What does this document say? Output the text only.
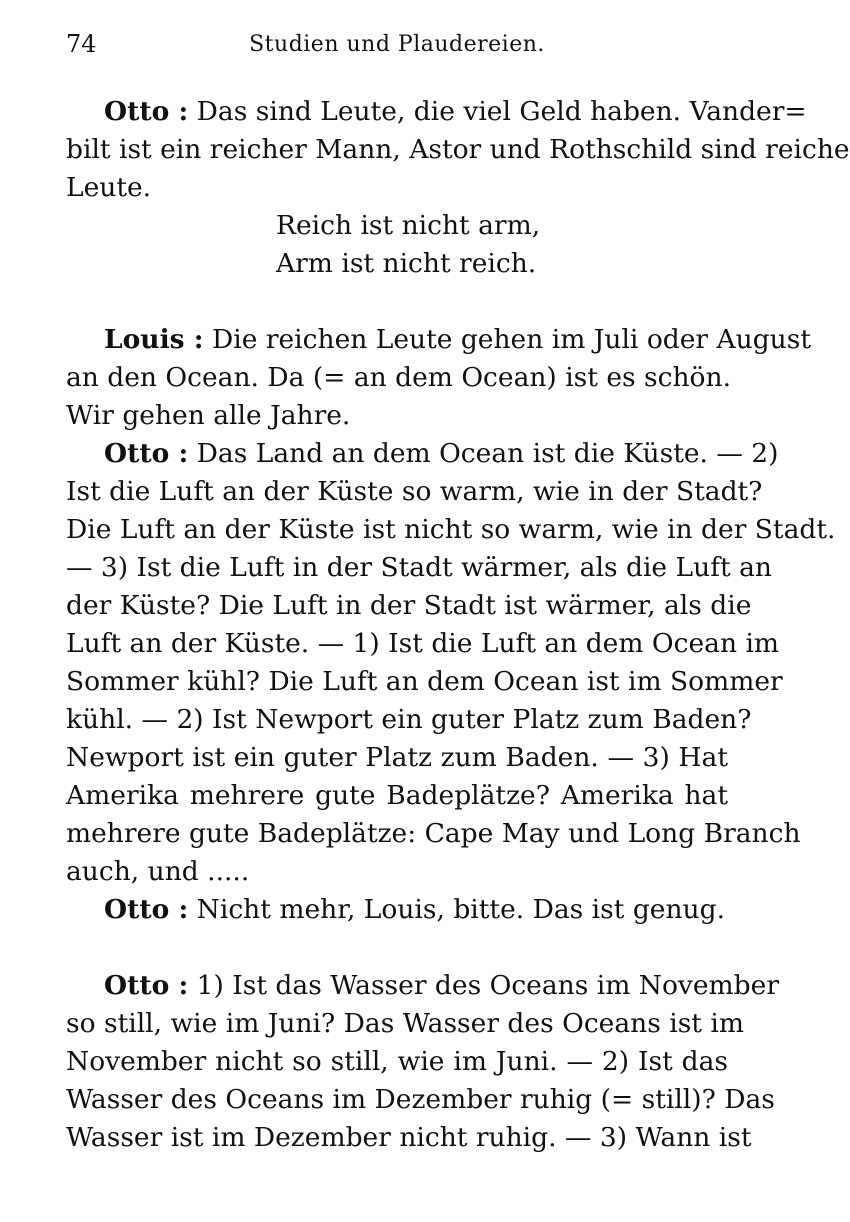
74	Studien und Plaudereien.
Otto : Das sind Leute, die viel Geld haben. Vander=
bilt ist ein reicher Mann, Astor und Rothschild sind reiche
Leute.
Reich ist nicht arm,
Arm ist nicht reich.
Louis : Die reichen Leute gehen im Juli oder August
an den Ocean. Da (= an dem Ocean) ist es schön.
Wir gehen alle Jahre.
Otto : Das Land an dem Ocean ist die Küste. — 2)
Ist die Luft an der Küste so warm, wie in der Stadt?
Die Luft an der Küste ist nicht so warm, wie in der Stadt.
— 3) Ist die Luft in der Stadt wärmer, als die Luft an
der Küste? Die Luft in der Stadt ist wärmer, als die
Luft an der Küste. — 1) Ist die Luft an dem Ocean im
Sommer kühl? Die Luft an dem Ocean ist im Sommer
kühl. — 2) Ist Newport ein guter Platz zum Baden?
Newport ist ein guter Platz zum Baden. — 3) Hat
Amerika mehrere gute Badeplätze? Amerika hat
mehrere gute Badeplätze: Cape May und Long Branch
auch, und .....
Otto : Nicht mehr, Louis, bitte. Das ist genug.
Otto : 1) Ist das Wasser des Oceans im November
so still, wie im Juni? Das Wasser des Oceans ist im
November nicht so still, wie im Juni. — 2) Ist das
Wasser des Oceans im Dezember ruhig (= still)? Das
Wasser ist im Dezember nicht ruhig. — 3) Wann ist
